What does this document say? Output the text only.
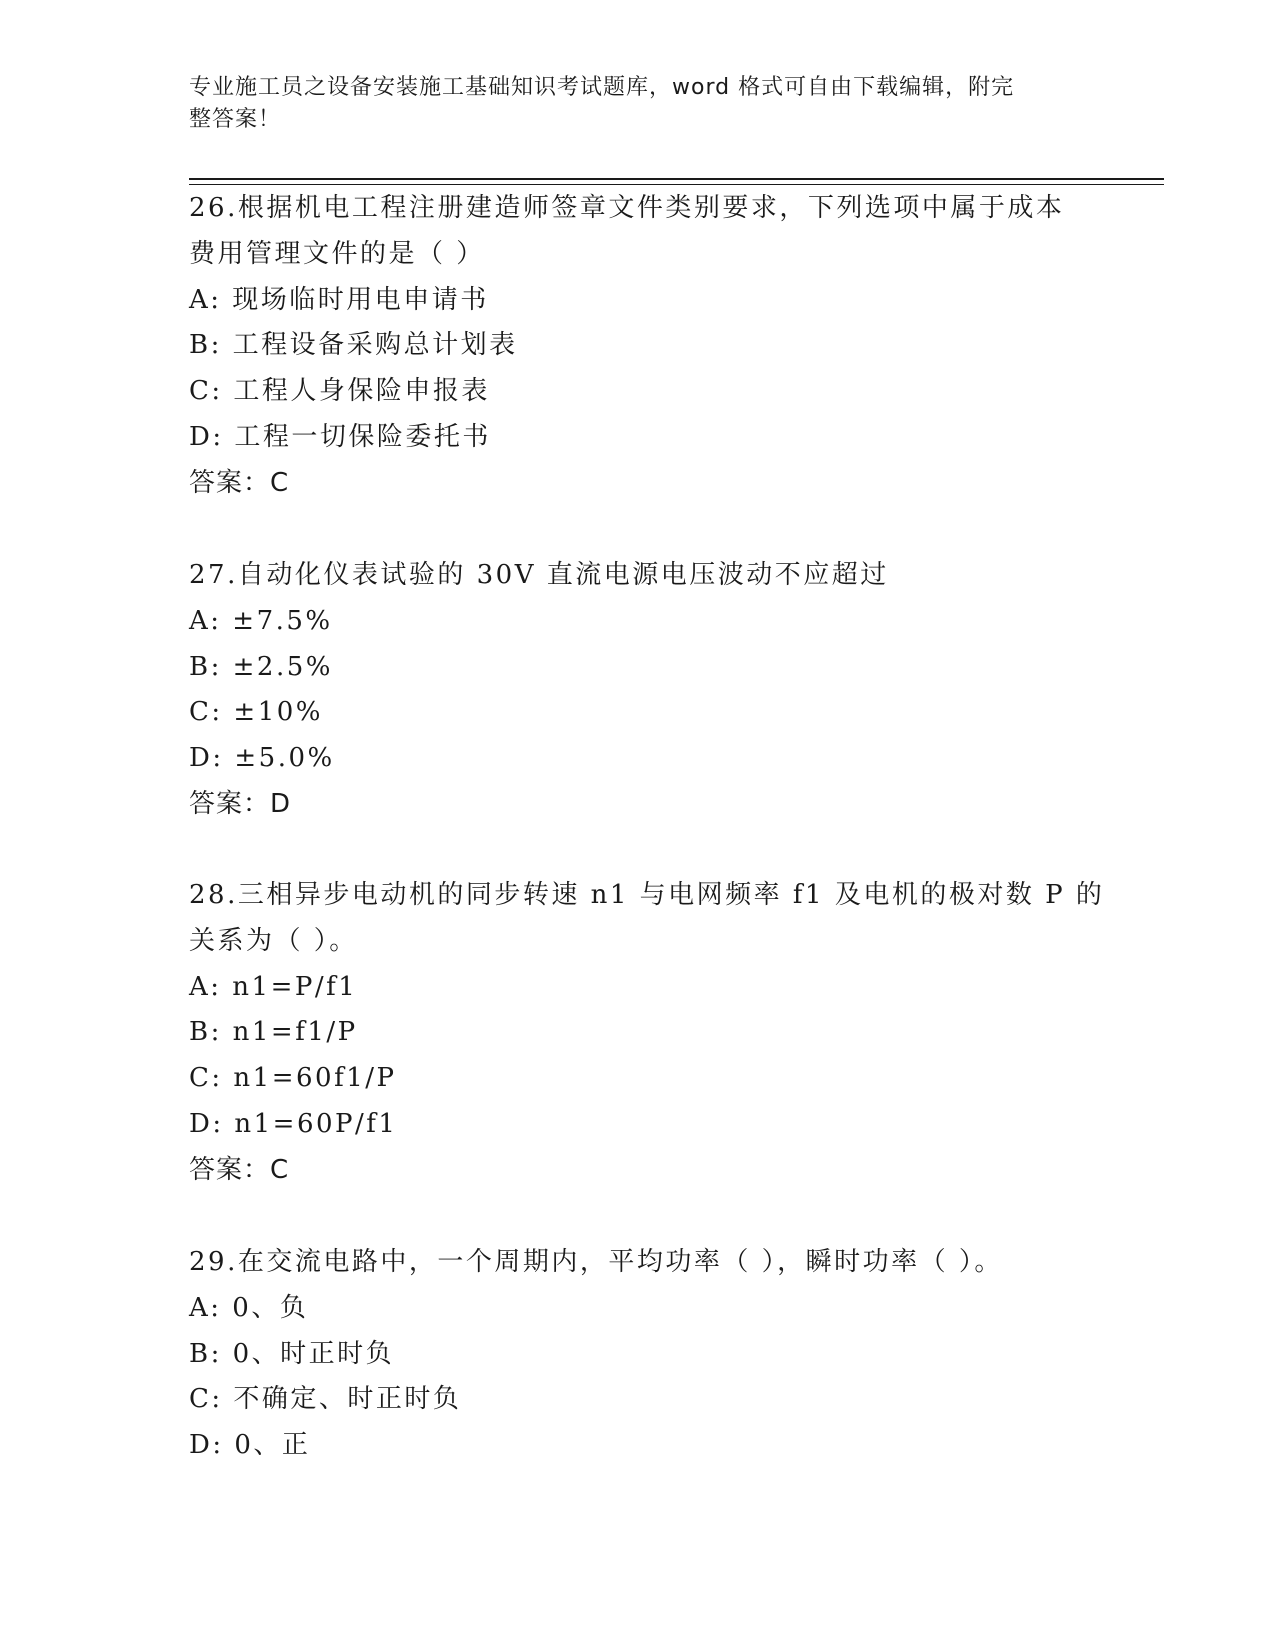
专业施工员之设备安装施工基础知识考试题库，word 格式可自由下载编辑，附完
整答案！
26.根据机电工程注册建造师签章文件类别要求，下列选项中属于成本
费用管理文件的是（ ）
A: 现场临时用电申请书
B: 工程设备采购总计划表
C: 工程人身保险申报表
D: 工程一切保险委托书
答案：C
27.自动化仪表试验的 30V 直流电源电压波动不应超过
A: ±7.5%
B: ±2.5%
C: ±10%
D: ±5.0%
答案：D
28.三相异步电动机的同步转速 n1 与电网频率 f1 及电机的极对数 P 的
关系为（ ）。
A: n1=P/f1
B: n1=f1/P
C: n1=60f1/P
D: n1=60P/f1
答案：C
29.在交流电路中，一个周期内，平均功率（ ），瞬时功率（ ）。
A: 0、负
B: 0、时正时负
C: 不确定、时正时负
D: 0、正
